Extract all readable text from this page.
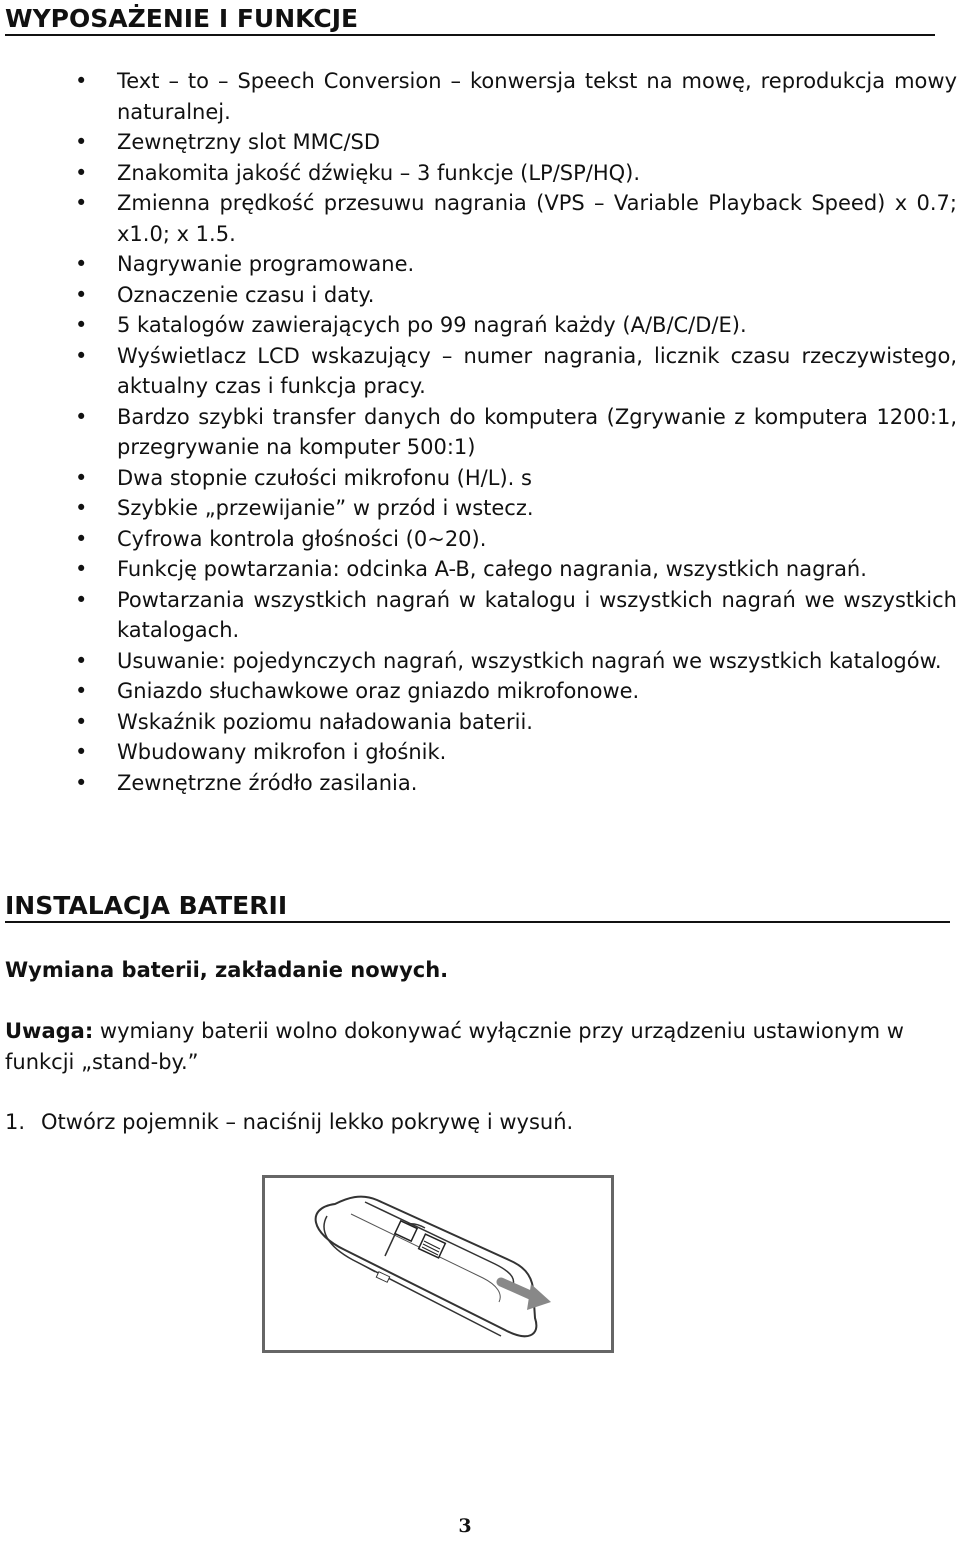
WYPOSAŻENIE I FUNKCJE
• Text – to – Speech Conversion – konwersja tekst na mowę, reprodukcja mowy naturalnej.
• Zewnętrzny slot MMC/SD
• Znakomita jakość dźwięku – 3 funkcje (LP/SP/HQ).
• Zmienna prędkość przesuwu nagrania (VPS – Variable Playback Speed) x 0.7; x1.0; x 1.5.
• Nagrywanie programowane.
• Oznaczenie czasu i daty.
• 5 katalogów zawierających po 99 nagrań każdy (A/B/C/D/E).
• Wyświetlacz LCD wskazujący – numer nagrania, licznik czasu rzeczywistego, aktualny czas i funkcja pracy.
• Bardzo szybki transfer danych do komputera (Zgrywanie z komputera 1200:1, przegrywanie na komputer 500:1)
• Dwa stopnie czułości mikrofonu (H/L). s
• Szybkie „przewijanie” w przód i wstecz.
• Cyfrowa kontrola głośności (0~20).
• Funkcję powtarzania: odcinka A-B, całego nagrania, wszystkich nagrań.
• Powtarzania wszystkich nagrań w katalogu i wszystkich nagrań we wszystkich katalogach.
• Usuwanie: pojedynczych nagrań, wszystkich nagrań we wszystkich katalogów.
• Gniazdo słuchawkowe oraz gniazdo mikrofonowe.
• Wskaźnik poziomu naładowania baterii.
• Wbudowany mikrofon i głośnik.
• Zewnętrzne źródło zasilania.
INSTALACJA BATERII
Wymiana baterii, zakładanie nowych.
Uwaga: wymiany baterii wolno dokonywać wyłącznie przy urządzeniu ustawionym w funkcji „stand-by.”
1. Otwórz pojemnik – naciśnij lekko pokrywę i wysuń.
3
